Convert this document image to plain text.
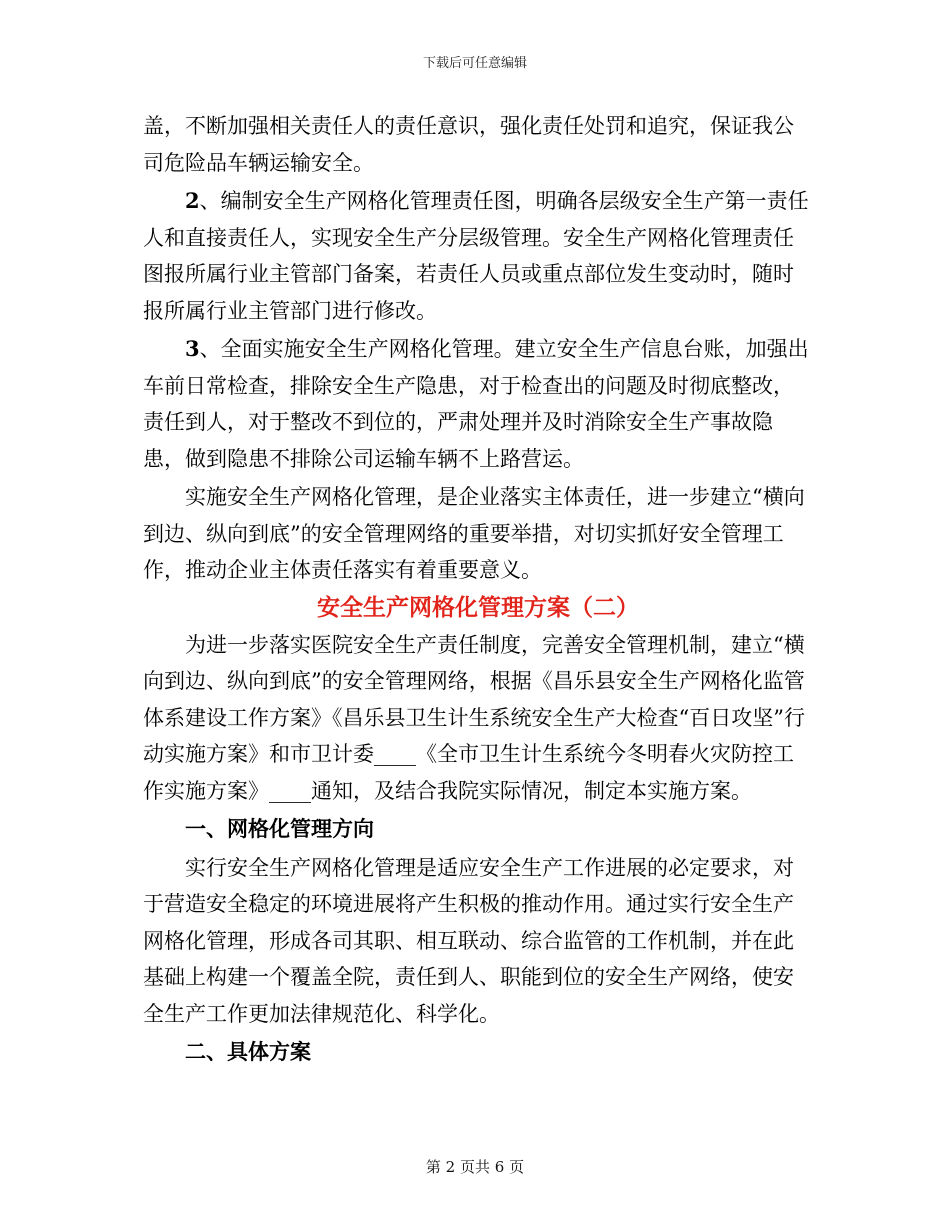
下载后可任意编辑

盖，不断加强相关责任人的责任意识，强化责任处罚和追究，保证我公司危险品车辆运输安全。

2、编制安全生产网格化管理责任图，明确各层级安全生产第一责任人和直接责任人，实现安全生产分层级管理。安全生产网格化管理责任图报所属行业主管部门备案，若责任人员或重点部位发生变动时，随时报所属行业主管部门进行修改。

3、全面实施安全生产网格化管理。建立安全生产信息台账，加强出车前日常检查，排除安全生产隐患，对于检查出的问题及时彻底整改，责任到人，对于整改不到位的，严肃处理并及时消除安全生产事故隐患，做到隐患不排除公司运输车辆不上路营运。

实施安全生产网格化管理，是企业落实主体责任，进一步建立“横向到边、纵向到底”的安全管理网络的重要举措，对切实抓好安全管理工作，推动企业主体责任落实有着重要意义。

安全生产网格化管理方案（二）

为进一步落实医院安全生产责任制度，完善安全管理机制，建立“横向到边、纵向到底”的安全管理网络，根据《昌乐县安全生产网格化监管体系建设工作方案》《昌乐县卫生计生系统安全生产大检查“百日攻坚”行动实施方案》和市卫计委____《全市卫生计生系统今冬明春火灾防控工作实施方案》____通知，及结合我院实际情况，制定本实施方案。

一、网格化管理方向

实行安全生产网格化管理是适应安全生产工作进展的必定要求，对于营造安全稳定的环境进展将产生积极的推动作用。通过实行安全生产网格化管理，形成各司其职、相互联动、综合监管的工作机制，并在此基础上构建一个覆盖全院，责任到人、职能到位的安全生产网络，使安全生产工作更加法律规范化、科学化。

二、具体方案

第 2 页共 6 页
